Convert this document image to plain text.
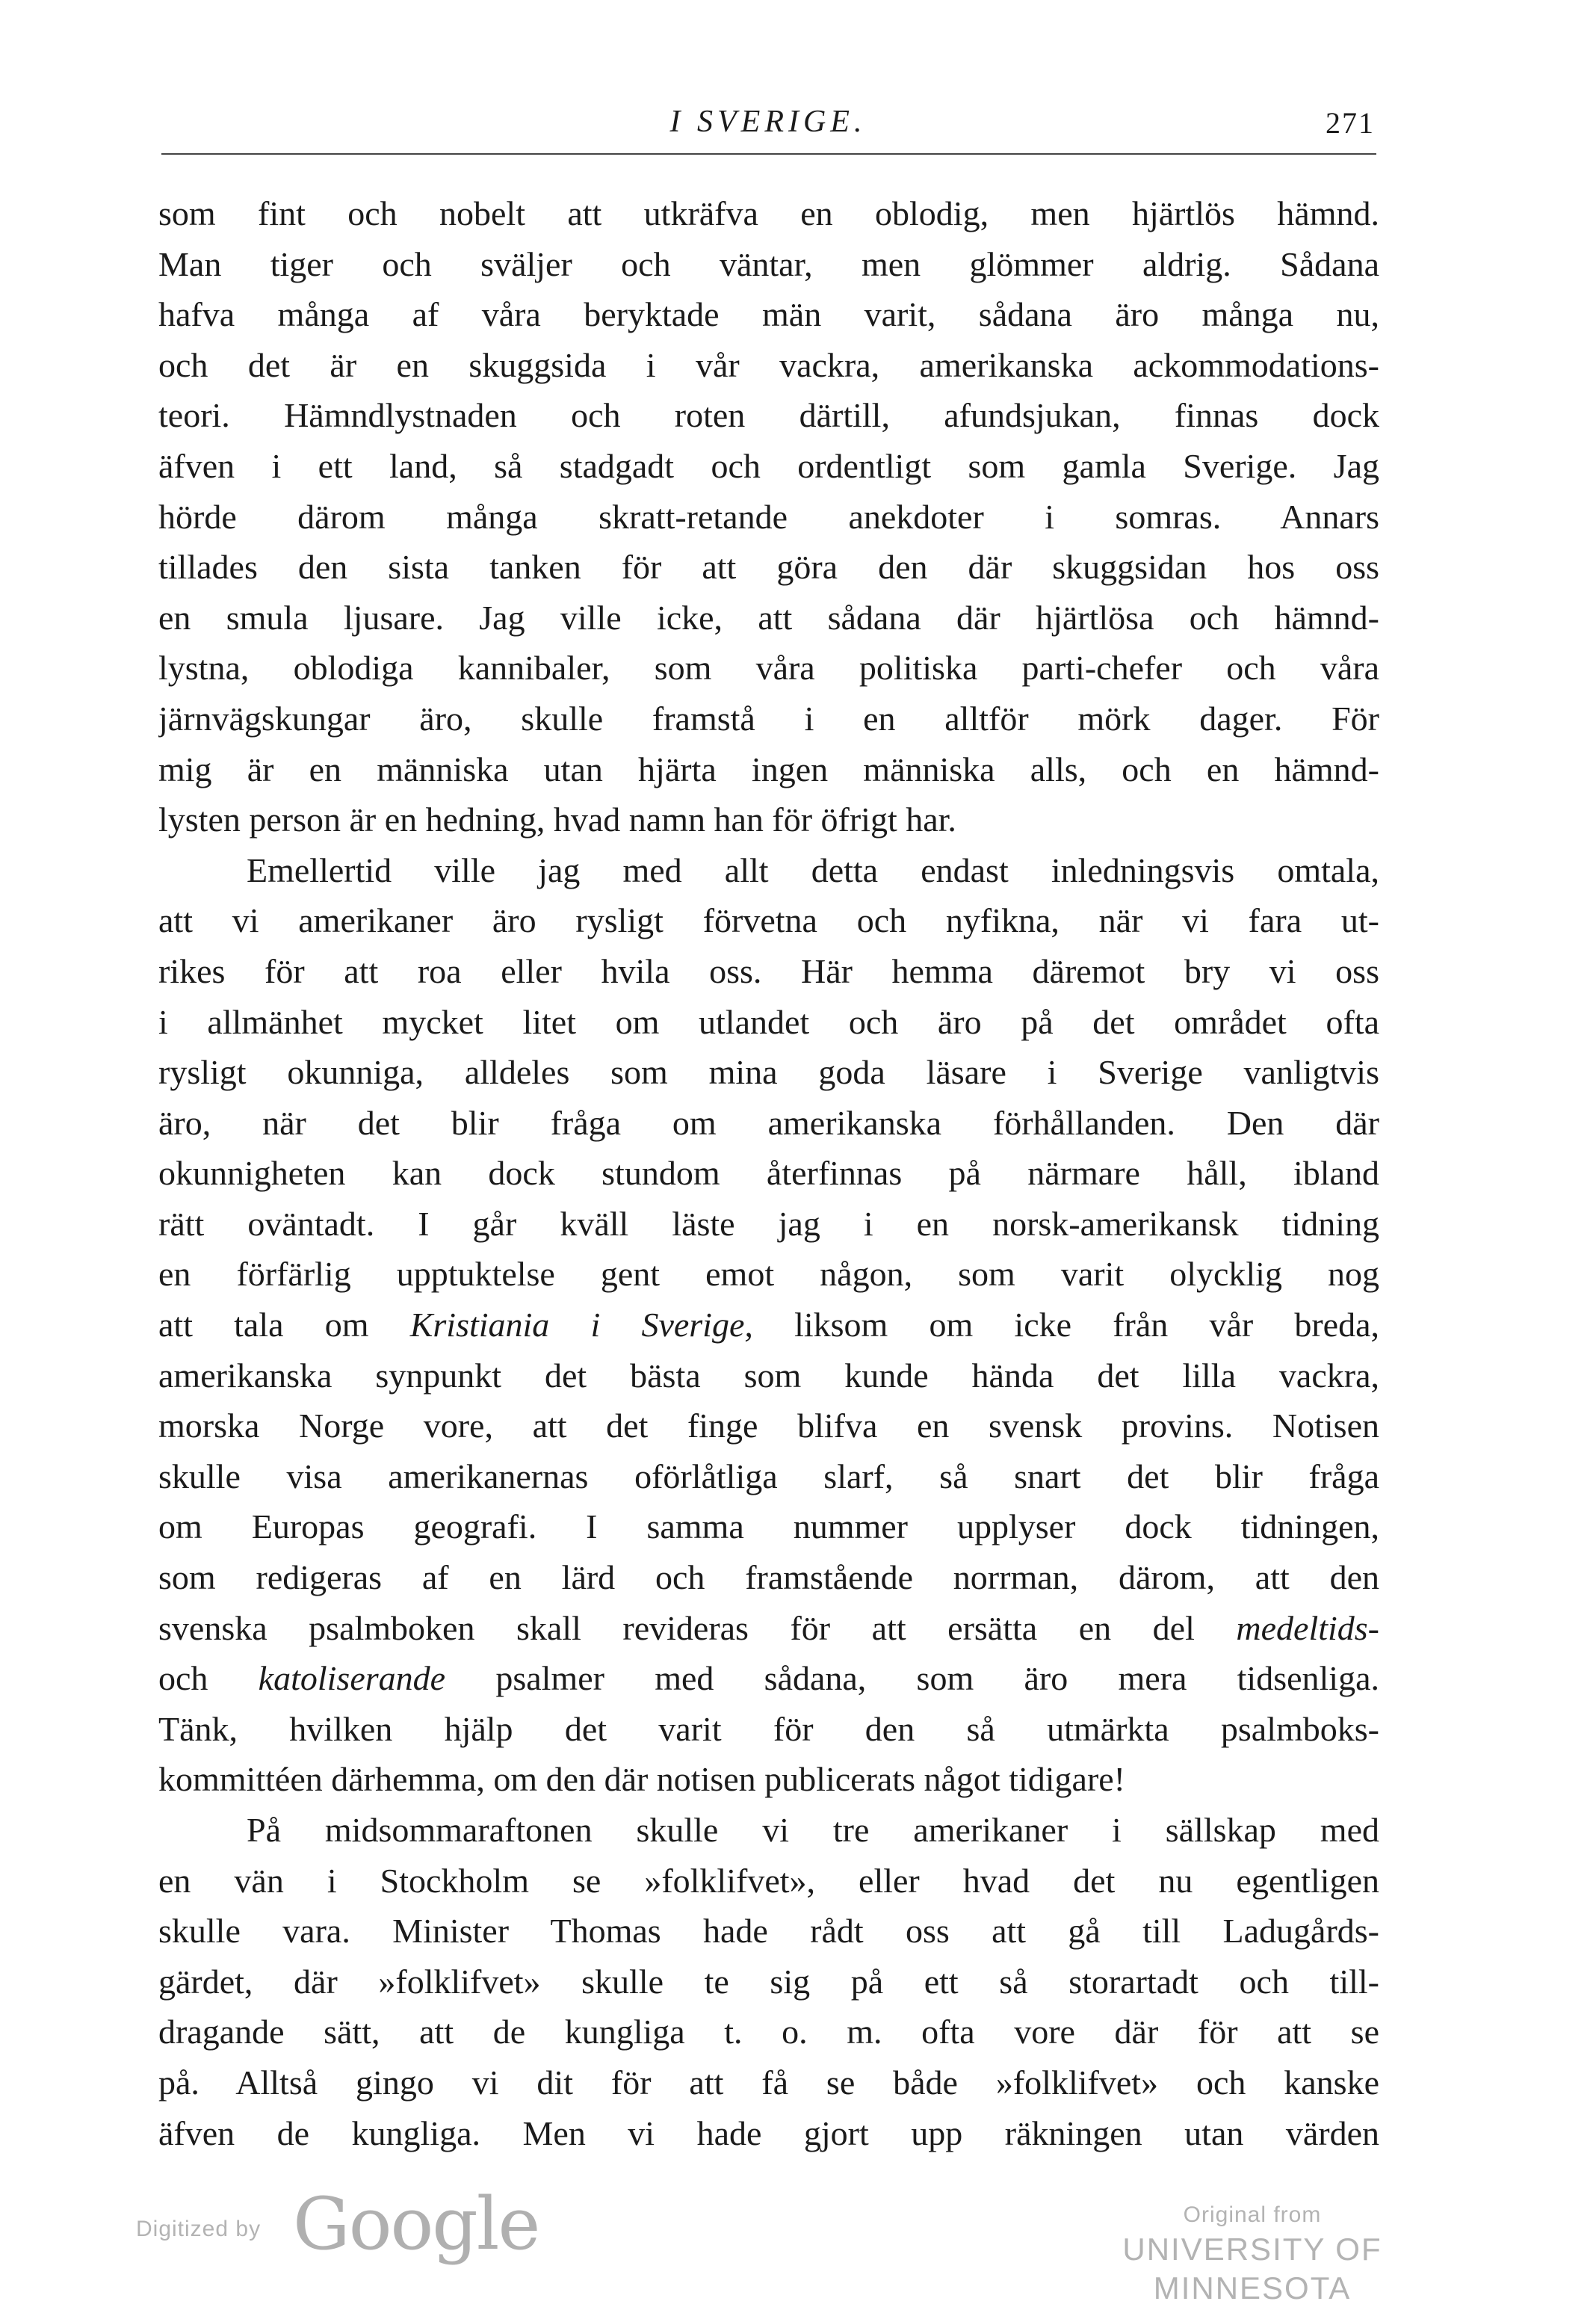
I SVERIGE.	271
som fint och nobelt att utkräfva en oblodig, men hjärtlös hämnd.
Man tiger och sväljer och väntar, men glömmer aldrig. Sådana
hafva många af våra beryktade män varit, sådana äro många nu,
och det är en skuggsida i vår vackra, amerikanska ackommodations-
teori. Hämndlystnaden och roten därtill, afundsjukan, finnas dock
äfven i ett land, så stadgadt och ordentligt som gamla Sverige. Jag
hörde därom många skratt-retande anekdoter i somras. Annars
tillades den sista tanken för att göra den där skuggsidan hos oss
en smula ljusare. Jag ville icke, att sådana där hjärtlösa och hämnd-
lystna, oblodiga kannibaler, som våra politiska parti-chefer och våra
järnvägskungar äro, skulle framstå i en alltför mörk dager. För
mig är en människa utan hjärta ingen människa alls, och en hämnd-
lysten person är en hedning, hvad namn han för öfrigt har.
Emellertid ville jag med allt detta endast inledningsvis omtala,
att vi amerikaner äro rysligt förvetna och nyfikna, när vi fara ut-
rikes för att roa eller hvila oss. Här hemma däremot bry vi oss
i allmänhet mycket litet om utlandet och äro på det området ofta
rysligt okunniga, alldeles som mina goda läsare i Sverige vanligtvis
äro, när det blir fråga om amerikanska förhållanden. Den där
okunnigheten kan dock stundom återfinnas på närmare håll, ibland
rätt oväntadt. I går kväll läste jag i en norsk-amerikansk tidning
en förfärlig upptuktelse gent emot någon, som varit olycklig nog
att tala om Kristiania i Sverige, liksom om icke från vår breda,
amerikanska synpunkt det bästa som kunde hända det lilla vackra,
morska Norge vore, att det finge blifva en svensk provins. Notisen
skulle visa amerikanernas oförlåtliga slarf, så snart det blir fråga
om Europas geografi. I samma nummer upplyser dock tidningen,
som redigeras af en lärd och framstående norrman, därom, att den
svenska psalmboken skall revideras för att ersätta en del medeltids-
och katoliserande psalmer med sådana, som äro mera tidsenliga.
Tänk, hvilken hjälp det varit för den så utmärkta psalmboks-
kommittéen därhemma, om den där notisen publicerats något tidigare!
På midsommaraftonen skulle vi tre amerikaner i sällskap med
en vän i Stockholm se »folklifvet», eller hvad det nu egentligen
skulle vara. Minister Thomas hade rådt oss att gå till Ladugårds-
gärdet, där »folklifvet» skulle te sig på ett så storartadt och till-
dragande sätt, att de kungliga t. o. m. ofta vore där för att se
på. Alltså gingo vi dit för att få se både »folklifvet» och kanske
äfven de kungliga. Men vi hade gjort upp räkningen utan värden
Digitized by Google	Original from
UNIVERSITY OF MINNESOTA
